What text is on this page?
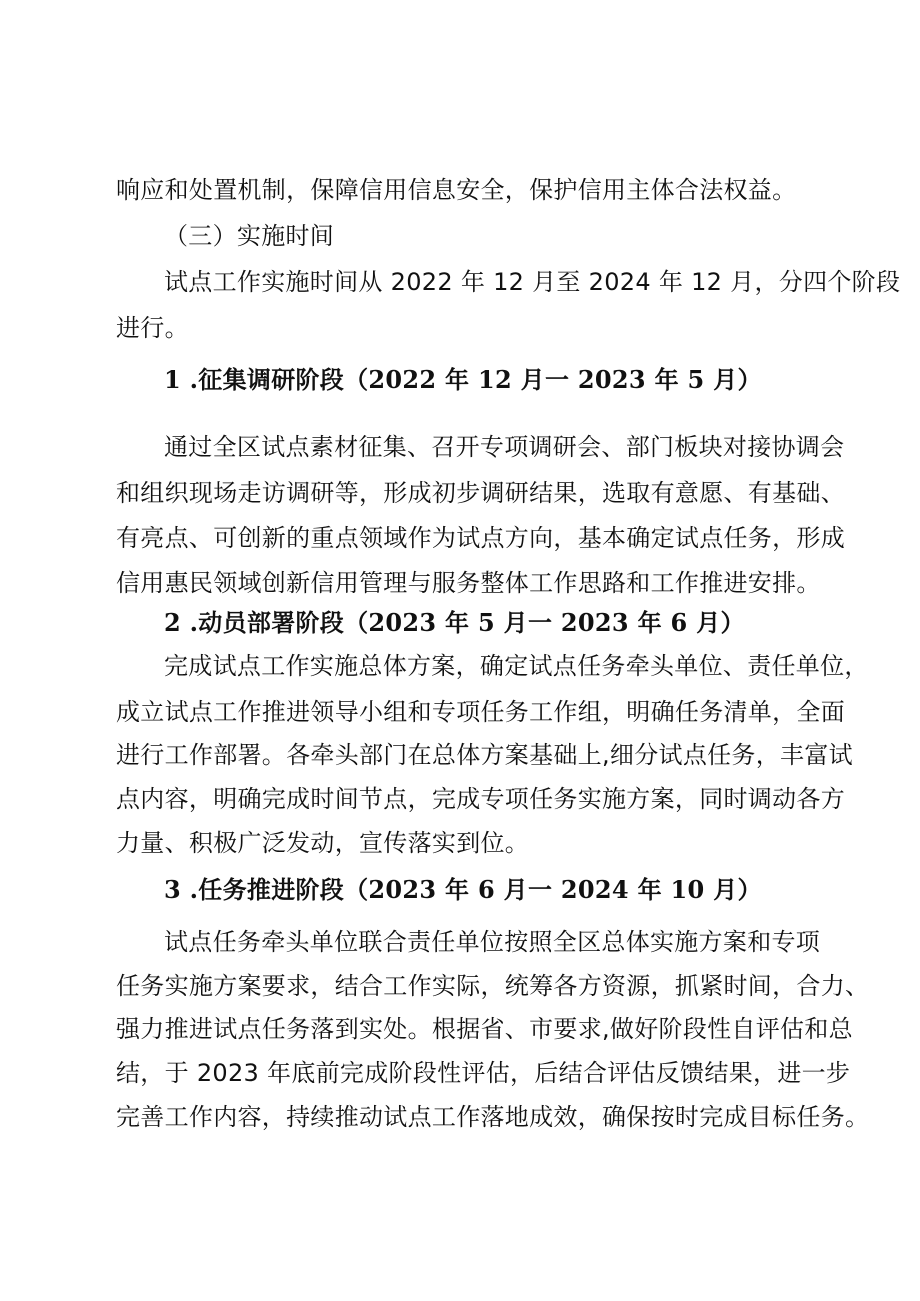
响应和处置机制，保障信用信息安全，保护信用主体合法权益。
（三）实施时间
试点工作实施时间从 2022 年 12 月至 2024 年 12 月，分四个阶段
进行。
1 .征集调研阶段（2022 年 12 月一 2023 年 5 月）
通过全区试点素材征集、召开专项调研会、部门板块对接协调会
和组织现场走访调研等，形成初步调研结果，选取有意愿、有基础、
有亮点、可创新的重点领域作为试点方向，基本确定试点任务，形成
信用惠民领域创新信用管理与服务整体工作思路和工作推进安排。
2 .动员部署阶段（2023 年 5 月一 2023 年 6 月）
完成试点工作实施总体方案，确定试点任务牵头单位、责任单位，
成立试点工作推进领导小组和专项任务工作组，明确任务清单，全面
进行工作部署。各牵头部门在总体方案基础上,细分试点任务，丰富试
点内容，明确完成时间节点，完成专项任务实施方案，同时调动各方
力量、积极广泛发动，宣传落实到位。
3 .任务推进阶段（2023 年 6 月一 2024 年 10 月）
试点任务牵头单位联合责任单位按照全区总体实施方案和专项
任务实施方案要求，结合工作实际，统筹各方资源，抓紧时间，合力、
强力推进试点任务落到实处。根据省、市要求,做好阶段性自评估和总
结，于 2023 年底前完成阶段性评估，后结合评估反馈结果，进一步
完善工作内容，持续推动试点工作落地成效，确保按时完成目标任务。
